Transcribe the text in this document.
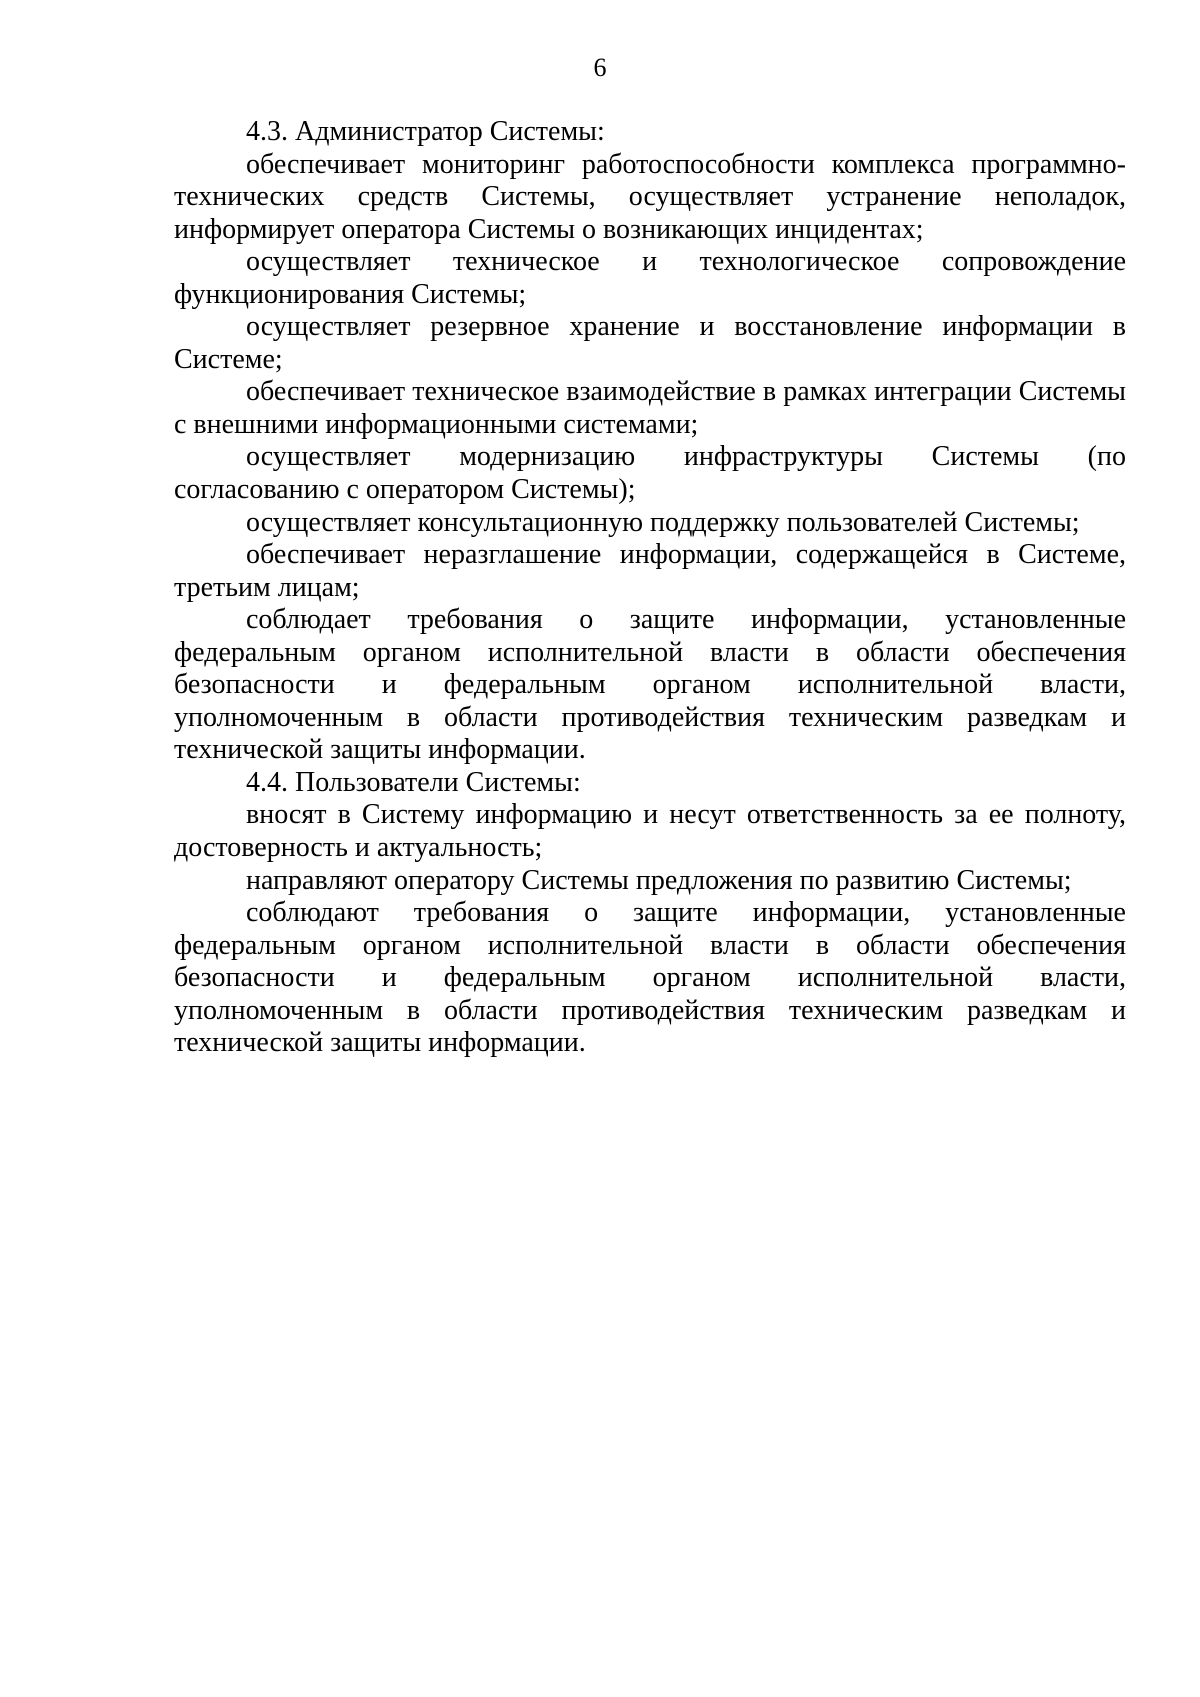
6

4.3. Администратор Системы:

обеспечивает мониторинг работоспособности комплекса программно-технических средств Системы, осуществляет устранение неполадок, информирует оператора Системы о возникающих инцидентах;

осуществляет техническое и технологическое сопровождение функционирования Системы;

осуществляет резервное хранение и восстановление информации в Системе;

обеспечивает техническое взаимодействие в рамках интеграции Системы с внешними информационными системами;

осуществляет модернизацию инфраструктуры Системы (по согласованию с оператором Системы);

осуществляет консультационную поддержку пользователей Системы;

обеспечивает неразглашение информации, содержащейся в Системе, третьим лицам;

соблюдает требования о защите информации, установленные федеральным органом исполнительной власти в области обеспечения безопасности и федеральным органом исполнительной власти, уполномоченным в области противодействия техническим разведкам и технической защиты информации.

4.4. Пользователи Системы:

вносят в Систему информацию и несут ответственность за ее полноту, достоверность и актуальность;

направляют оператору Системы предложения по развитию Системы;

соблюдают требования о защите информации, установленные федеральным органом исполнительной власти в области обеспечения безопасности и федеральным органом исполнительной власти, уполномоченным в области противодействия техническим разведкам и технической защиты информации.
